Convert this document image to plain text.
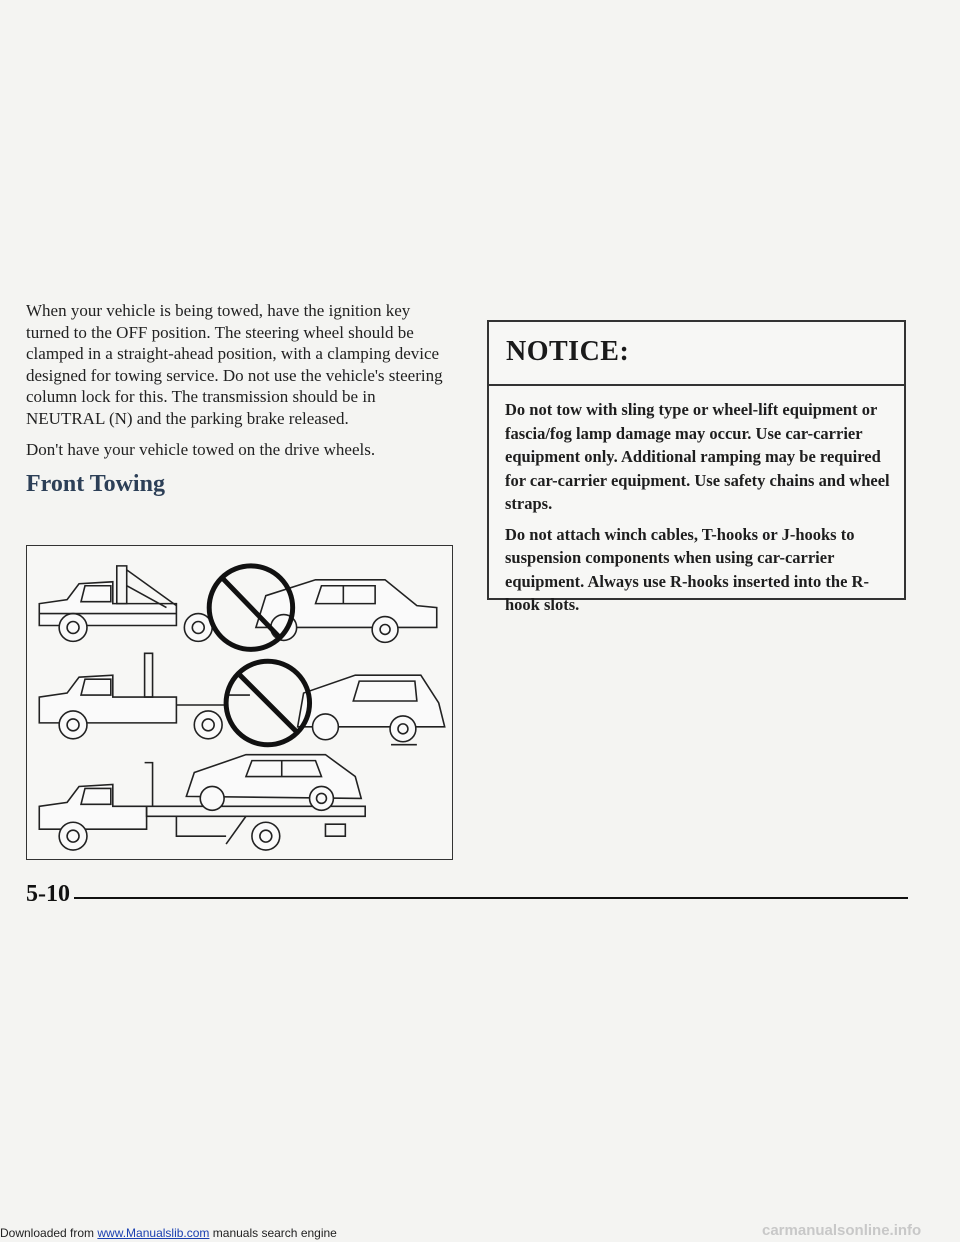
When your vehicle is being towed, have the ignition key turned to the OFF position. The steering wheel should be clamped in a straight-ahead position, with a clamping device designed for towing service. Do not use the vehicle's steering column lock for this. The transmission should be in NEUTRAL (N) and the parking brake released.

Don't have your vehicle towed on the drive wheels.

Front Towing
NOTICE:

Do not tow with sling type or wheel-lift equipment or fascia/fog lamp damage may occur. Use car-carrier equipment only. Additional ramping may be required for car-carrier equipment. Use safety chains and wheel straps.

Do not attach winch cables, T-hooks or J-hooks to suspension components when using car-carrier equipment. Always use R-hooks inserted into the R-hook slots.

5-10
Downloaded from www.Manualslib.com manuals search engine	carmanualsonline.info
